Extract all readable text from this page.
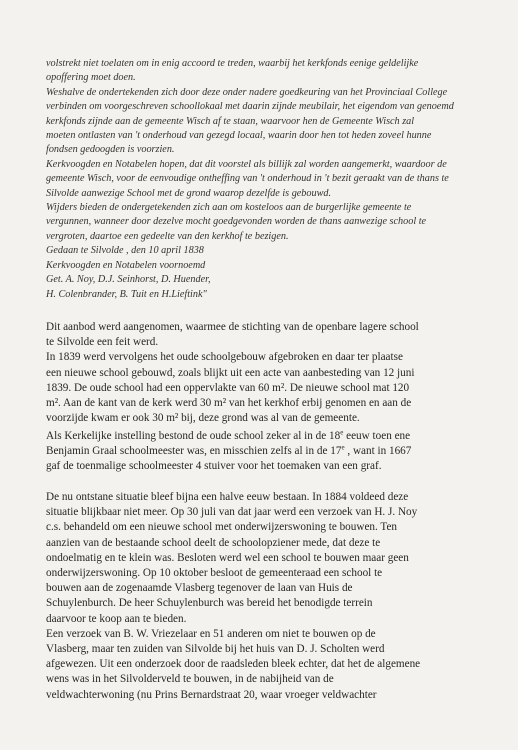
volstrekt niet toelaten om in enig accoord te treden, waarbij het kerkfonds eenige geldelijke
opoffering moet doen.
Weshalve de ondertekenden zich door deze onder nadere goedkeuring van het Provinciaal College
verbinden om voorgeschreven schoollokaal met daarin zijnde meubilair, het eigendom van genoemd
kerkfonds zijnde aan de gemeente Wisch af te staan, waarvoor hen de Gemeente Wisch zal
moeten ontlasten van 't onderhoud van gezegd locaal, waarin door hen tot heden zoveel hunne
fondsen gedoogden is voorzien.
Kerkvoogden en Notabelen hopen, dat dit voorstel als billijk zal worden aangemerkt, waardoor de
gemeente Wisch, voor de eenvoudige ontheffing van 't onderhoud in 't bezit geraakt van de thans te
Silvolde aanwezige School met de grond waarop dezelfde is gebouwd.
Wijders bieden de ondergetekenden zich aan om kosteloos aan de burgerlijke gemeente te
vergunnen, wanneer door dezelve mocht goedgevonden worden de thans aanwezige school te
vergroten, daartoe een gedeelte van den kerkhof te bezigen.
Gedaan te Silvolde , den 10 april 1838
Kerkvoogden en Notabelen voornoemd
Get. A. Noy, D.J. Seinhorst, D. Huender,
H. Colenbrander, B. Tuit en H.Lieftink"
Dit aanbod werd aangenomen, waarmee de stichting van de openbare lagere school
te Silvolde een feit werd.
In 1839 werd vervolgens het oude schoolgebouw afgebroken en daar ter plaatse
een nieuwe school gebouwd, zoals blijkt uit een acte van aanbesteding van 12 juni
1839. De oude school had een oppervlakte van 60 m². De nieuwe school mat 120
m². Aan de kant van de kerk werd 30 m² van het kerkhof erbij genomen en aan de
voorzijde kwam er ook 30 m² bij, deze grond was al van de gemeente.
Als Kerkelijke instelling bestond de oude school zeker al in de 18e eeuw toen ene
Benjamin Graal schoolmeester was, en misschien zelfs al in de 17e , want in 1667
gaf de toenmalige schoolmeester 4 stuiver voor het toemaken van een graf.
De nu ontstane situatie bleef bijna een halve eeuw bestaan. In 1884 voldeed deze
situatie blijkbaar niet meer. Op 30 juli van dat jaar werd een verzoek van H. J. Noy
c.s. behandeld om een nieuwe school met onderwijzerswoning te bouwen. Ten
aanzien van de bestaande school deelt de schoolopziener mede, dat deze te
ondoelmatig en te klein was. Besloten werd wel een school te bouwen maar geen
onderwijzerswoning. Op 10 oktober besloot de gemeenteraad een school te
bouwen aan de zogenaamde Vlasberg tegenover de laan van Huis de
Schuylenburch. De heer Schuylenburch was bereid het benodigde terrein
daarvoor te koop aan te bieden.
Een verzoek van B. W. Vriezelaar en 51 anderen om niet te bouwen op de
Vlasberg, maar ten zuiden van Silvolde bij het huis van D. J. Scholten werd
afgewezen. Uit een onderzoek door de raadsleden bleek echter, dat het de algemene
wens was in het Silvolderveld te bouwen, in de nabijheid van de
veldwachterwoning (nu Prins Bernardstraat 20, waar vroeger veldwachter
